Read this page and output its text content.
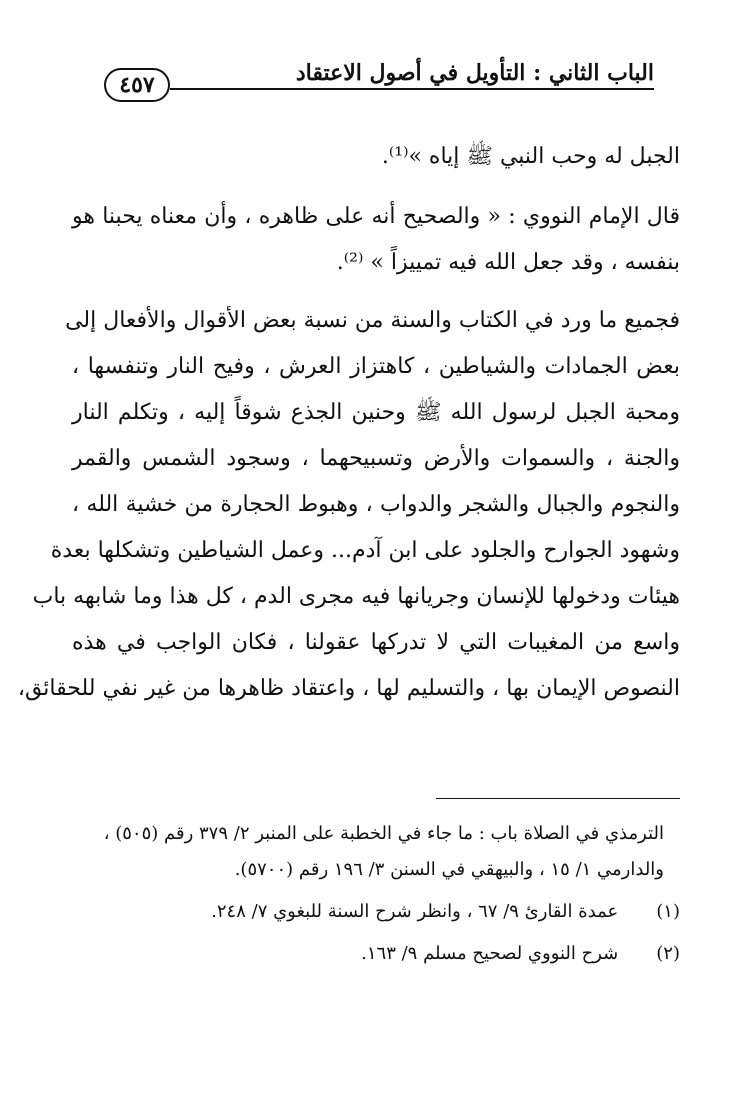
الباب الثاني : التأويل في أصول الاعتقاد
٤٥٧
الجبل له وحب النبي ﷺ إياه »⁽¹⁾.
قال الإمام النووي : « والصحيح أنه على ظاهره ، وأن معناه يحبنا هو
بنفسه ، وقد جعل الله فيه تمييزاً » ⁽²⁾.
فجميع ما ورد في الكتاب والسنة من نسبة بعض الأقوال والأفعال إلى
بعض الجمادات والشياطين ، كاهتزاز العرش ، وفيح النار وتنفسها ،
ومحبة الجبل لرسول الله ﷺ وحنين الجذع شوقاً إليه ، وتكلم النار
والجنة ، والسموات والأرض وتسبيحهما ، وسجود الشمس والقمر
والنجوم والجبال والشجر والدواب ، وهبوط الحجارة من خشية الله ،
وشهود الجوارح والجلود على ابن آدم... وعمل الشياطين وتشكلها بعدة
هيئات ودخولها للإنسان وجريانها فيه مجرى الدم ، كل هذا وما شابهه باب
واسع من المغيبات التي لا تدركها عقولنا ، فكان الواجب في هذه
النصوص الإيمان بها ، والتسليم لها ، واعتقاد ظاهرها من غير نفي للحقائق،
الترمذي في الصلاة باب : ما جاء في الخطبة على المنبر ٢/ ٣٧٩ رقم (٥٠٥) ،
والدارمي ١/ ١٥ ، والبيهقي في السنن ٣/ ١٩٦ رقم (٥٧٠٠).
(١) عمدة القارئ ٩/ ٦٧ ، وانظر شرح السنة للبغوي ٧/ ٢٤٨.
(٢) شرح النووي لصحيح مسلم ٩/ ١٦٣.
